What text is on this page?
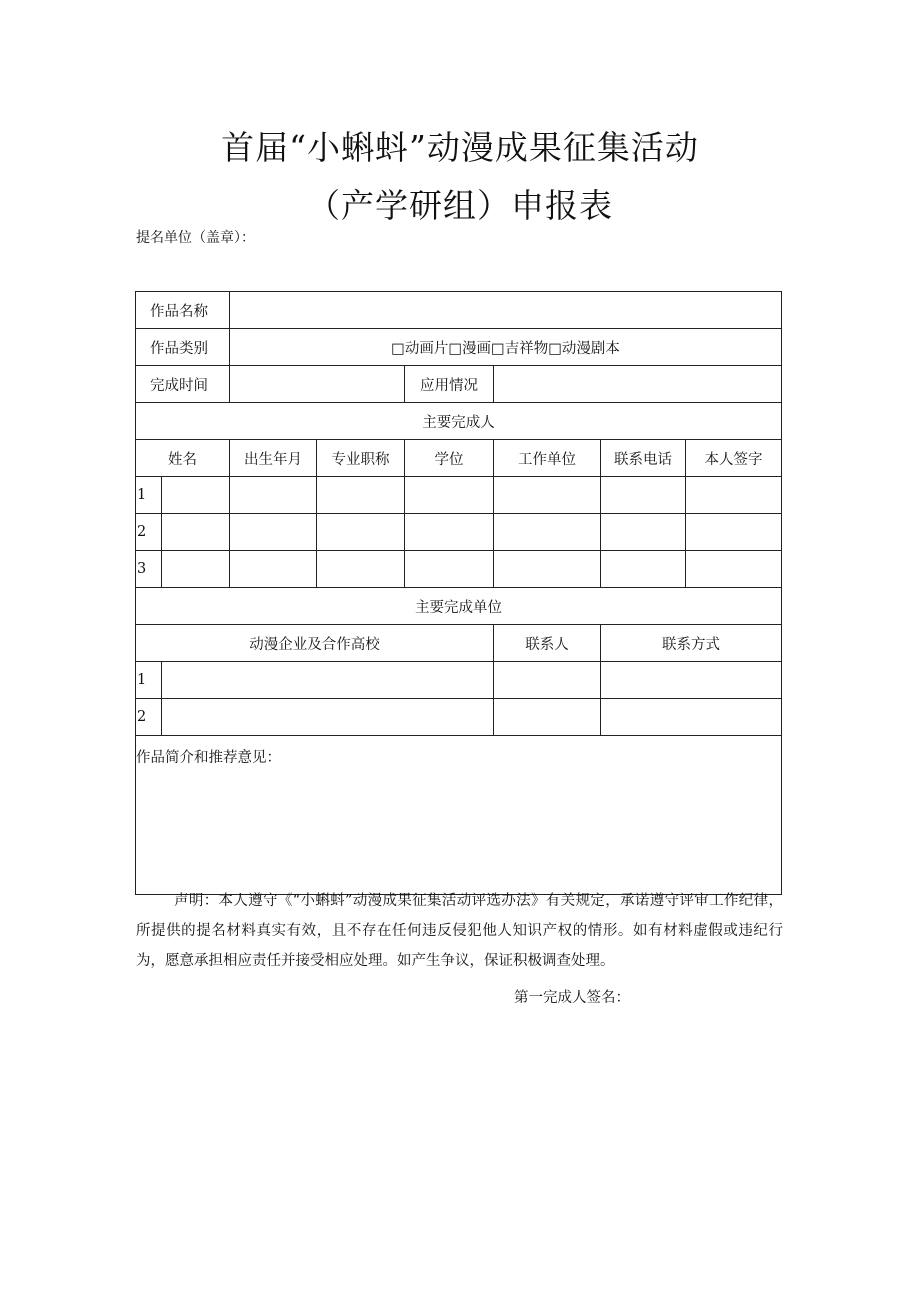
首届“小蝌蚪”动漫成果征集活动
（产学研组）申报表
提名单位（盖章）：
作品名称							
作品类别		□动画片□漫画□吉祥物□动漫剧本					
完成时间				应用情况			
主要完成人							
姓名		出生年月	专业职称	学位	工作单位	联系电话	本人签字
1							
2							
3							
主要完成单位							
动漫企业及合作高校					联系人	联系方式	
1							
2							
作品简介和推荐意见：							
声明：本人遵守《“小蝌蚪”动漫成果征集活动评选办法》有关规定，承诺遵守评审工作纪律，所提供的提名材料真实有效，且不存在任何违反侵犯他人知识产权的情形。如有材料虚假或违纪行为，愿意承担相应责任并接受相应处理。如产生争议，保证积极调查处理。
第一完成人签名：
